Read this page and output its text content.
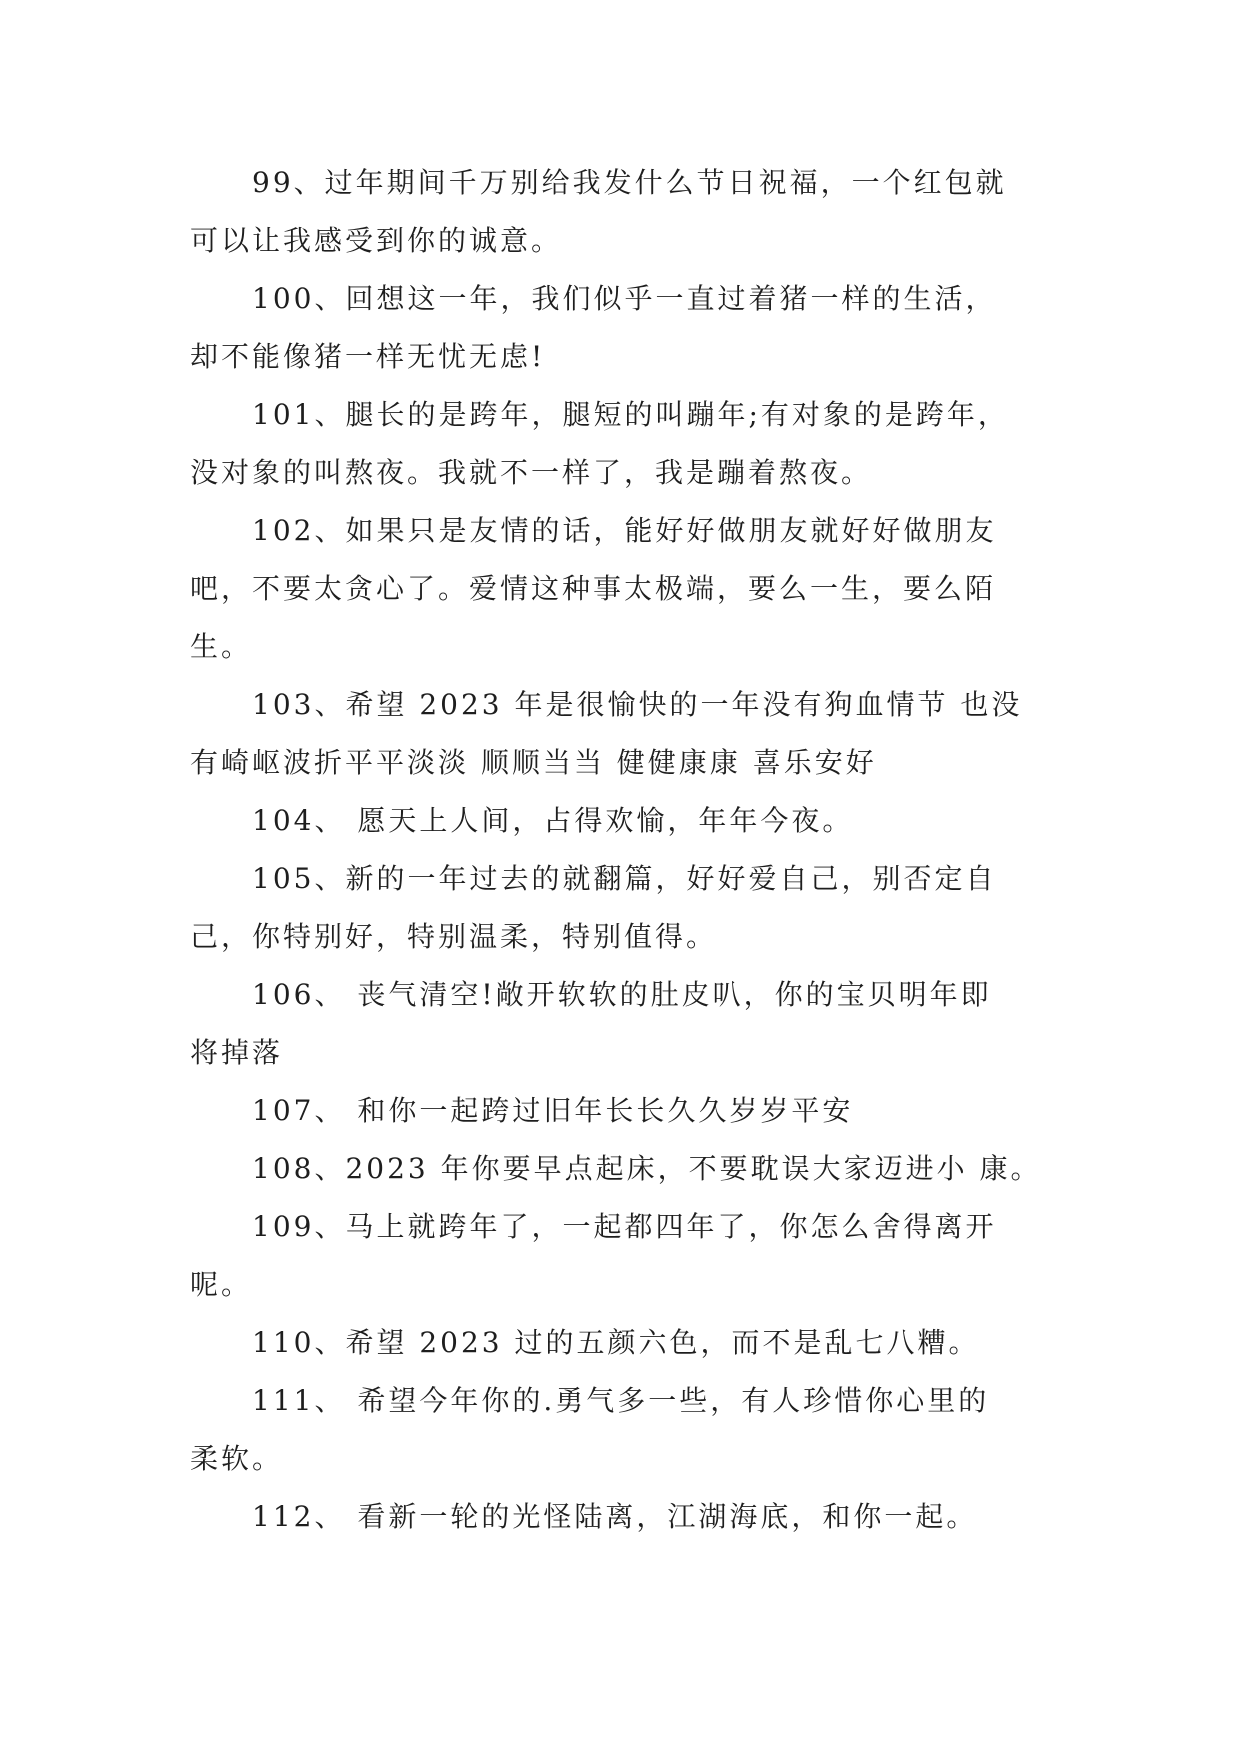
99、过年期间千万别给我发什么节日祝福，一个红包就
可以让我感受到你的诚意。

100、回想这一年，我们似乎一直过着猪一样的生活，
却不能像猪一样无忧无虑!

101、腿长的是跨年，腿短的叫蹦年;有对象的是跨年，
没对象的叫熬夜。我就不一样了，我是蹦着熬夜。

102、如果只是友情的话，能好好做朋友就好好做朋友
吧，不要太贪心了。爱情这种事太极端，要么一生，要么陌
生。

103、希望 2023 年是很愉快的一年没有狗血情节 也没
有崎岖波折平平淡淡 顺顺当当 健健康康 喜乐安好

104、 愿天上人间，占得欢愉，年年今夜。

105、新的一年过去的就翻篇，好好爱自己，别否定自
己，你特别好，特别温柔，特别值得。

106、 丧气清空!敞开软软的肚皮叭，你的宝贝明年即
将掉落

107、 和你一起跨过旧年长长久久岁岁平安

108、2023 年你要早点起床，不要耽误大家迈进小 康。

109、马上就跨年了，一起都四年了，你怎么舍得离开
呢。

110、希望 2023 过的五颜六色，而不是乱七八糟。

111、 希望今年你的.勇气多一些，有人珍惜你心里的
柔软。

112、 看新一轮的光怪陆离，江湖海底，和你一起。
